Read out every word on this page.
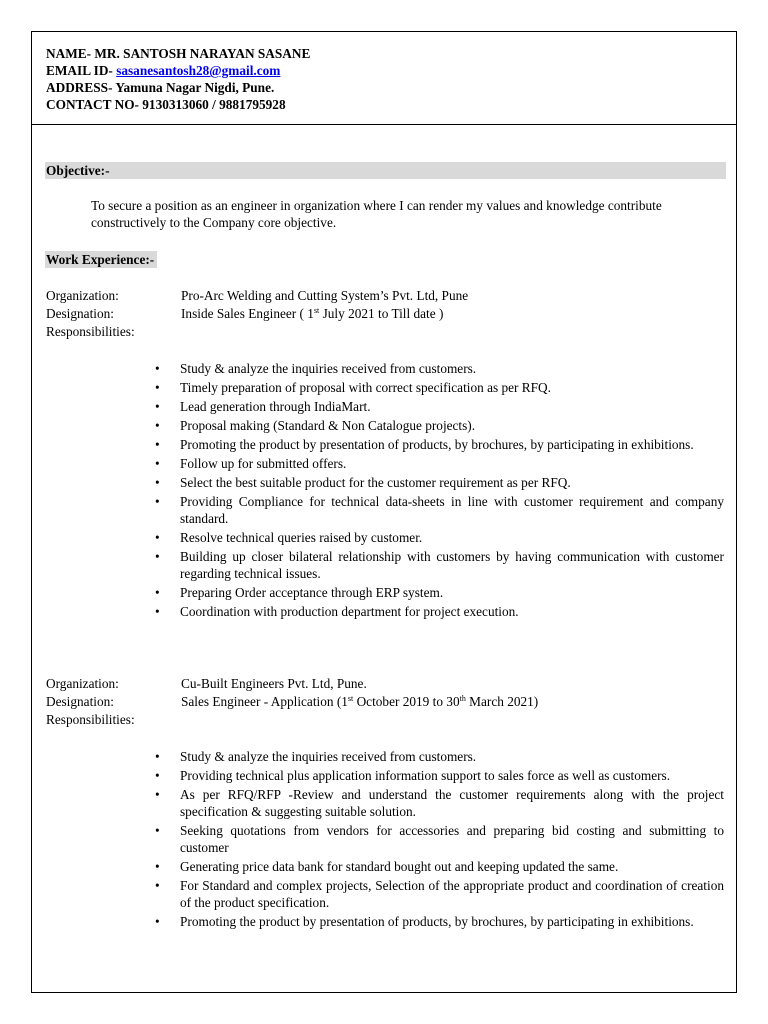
NAME- MR. SANTOSH NARAYAN SASANE
EMAIL ID- sasanesantosh28@gmail.com
ADDRESS- Yamuna Nagar Nigdi, Pune.
CONTACT NO- 9130313060 / 9881795928
Objective:-
To secure a position as an engineer in organization where I can render my values and knowledge contribute constructively to the Company core objective.
Work Experience:-
Organization:	Pro-Arc Welding and Cutting System’s Pvt. Ltd, Pune
Designation:	Inside Sales Engineer ( 1st July 2021 to Till date )
Responsibilities:
• Study & analyze the inquiries received from customers.
• Timely preparation of proposal with correct specification as per RFQ.
• Lead generation through IndiaMart.
• Proposal making (Standard & Non Catalogue projects).
• Promoting the product by presentation of products, by brochures, by participating in exhibitions.
• Follow up for submitted offers.
• Select the best suitable product for the customer requirement as per RFQ.
• Providing Compliance for technical data-sheets in line with customer requirement and company standard.
• Resolve technical queries raised by customer.
• Building up closer bilateral relationship with customers by having communication with customer regarding technical issues.
• Preparing Order acceptance through ERP system.
• Coordination with production department for project execution.
Organization:	Cu-Built Engineers Pvt. Ltd, Pune.
Designation:	Sales Engineer - Application (1st October 2019 to 30th March 2021)
Responsibilities:
• Study & analyze the inquiries received from customers.
• Providing technical plus application information support to sales force as well as customers.
• As per RFQ/RFP -Review and understand the customer requirements along with the project specification & suggesting suitable solution.
• Seeking quotations from vendors for accessories and preparing bid costing and submitting to customer
• Generating price data bank for standard bought out and keeping updated the same.
• For Standard and complex projects, Selection of the appropriate product and coordination of creation of the product specification.
• Promoting the product by presentation of products, by brochures, by participating in exhibitions.
